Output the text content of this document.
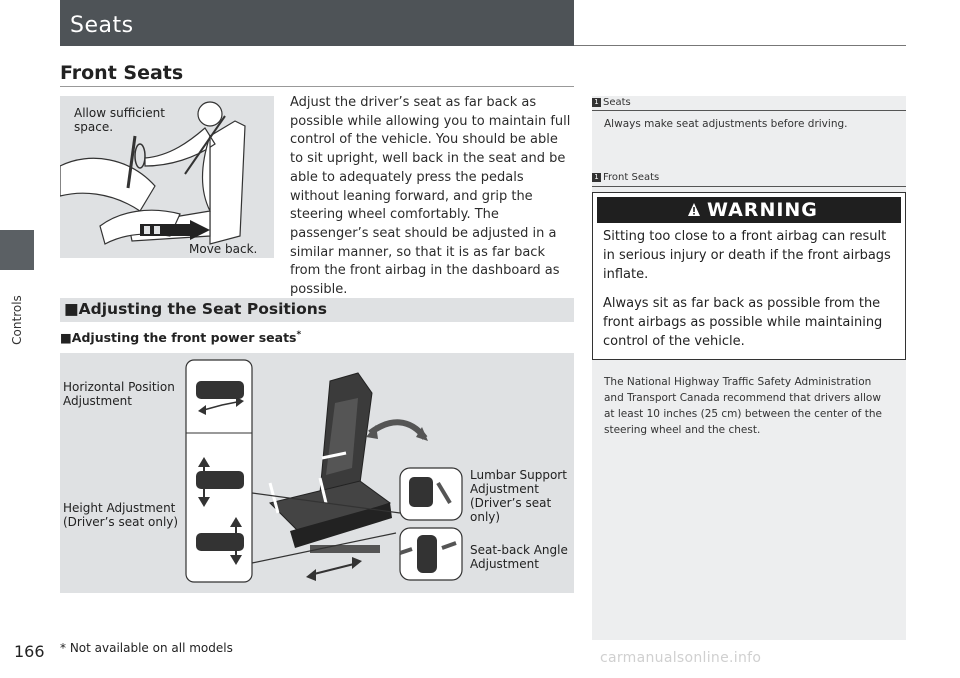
Controls
Seats
Front Seats
Allow sufficient space.
Move back.
Adjust the driver’s seat as far back as possible while allowing you to maintain full control of the vehicle. You should be able to sit upright, well back in the seat and be able to adequately press the pedals without leaning forward, and grip the steering wheel comfortably. The passenger’s seat should be adjusted in a similar manner, so that it is as far back from the front airbag in the dashboard as possible.
■Adjusting the Seat Positions
■Adjusting the front power seats*
Horizontal Position Adjustment
Height Adjustment (Driver’s seat only)
Lumbar Support Adjustment (Driver’s seat only)
Seat-back Angle Adjustment
1 Seats
Always make seat adjustments before driving.
1 Front Seats
WARNING
Sitting too close to a front airbag can result in serious injury or death if the front airbags inflate.
Always sit as far back as possible from the front airbags as possible while maintaining control of the vehicle.
The National Highway Traffic Safety Administration and Transport Canada recommend that drivers allow at least 10 inches (25 cm) between the center of the steering wheel and the chest.
166 * Not available on all models
carmanualsonline.info
